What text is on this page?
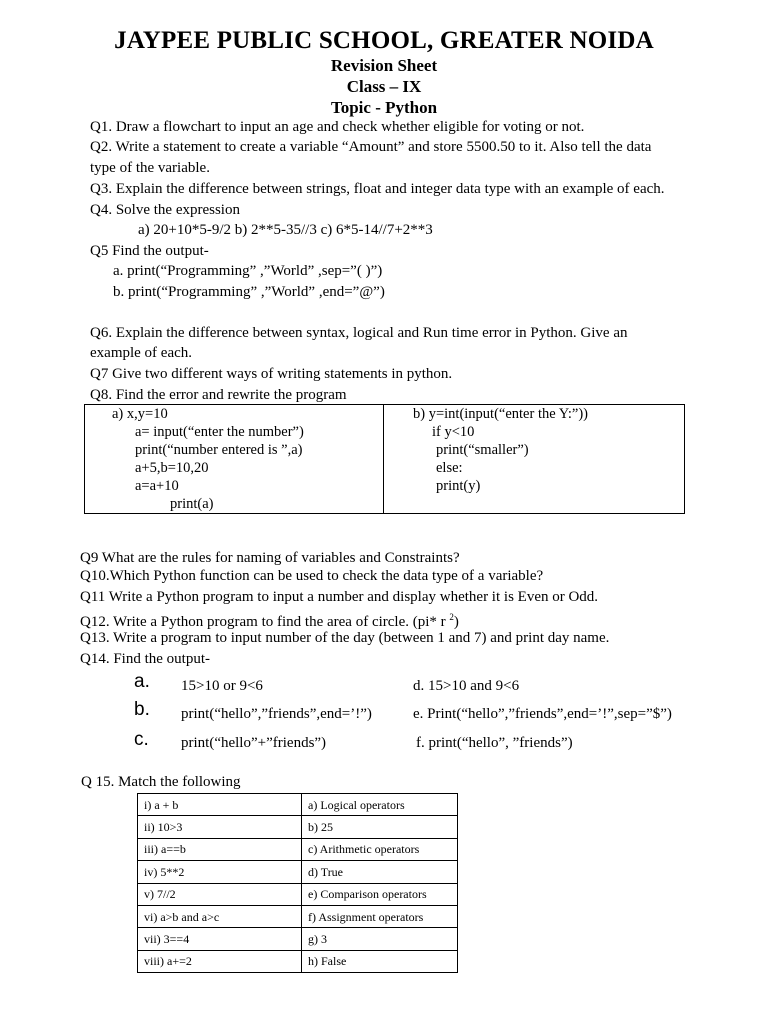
JAYPEE PUBLIC SCHOOL, GREATER NOIDA
Revision Sheet
Class – IX
Topic - Python
Q1. Draw a flowchart to input an age and check whether eligible for voting or not.
Q2. Write a statement to create a variable “Amount” and store 5500.50 to it. Also tell the data
type of the variable.
Q3. Explain the difference between strings, float and integer data type with an example of each.
Q4. Solve the expression
a) 20+10*5-9/2 b) 2**5-35//3 c) 6*5-14//7+2**3
Q5 Find the output-
a. print(“Programming” ,”World” ,sep=”( )”)
b. print(“Programming” ,”World” ,end=”@”)
Q6. Explain the difference between syntax, logical and Run time error in Python. Give an
example of each.
Q7 Give two different ways of writing statements in python.
Q8. Find the error and rewrite the program
a) x,y=10
a= input(“enter the number”)
print(“number entered is ”,a)
a+5,b=10,20
a=a+10
print(a)
b) y=int(input(“enter the Y:”))
if y<10
print(“smaller”)
else:
print(y)
Q9 What are the rules for naming of variables and Constraints?
Q10.Which Python function can be used to check the data type of a variable?
Q11 Write a Python program to input a number and display whether it is Even or Odd.
Q12. Write a Python program to find the area of circle. (pi* r $^2$)
Q13. Write a program to input number of the day (between 1 and 7) and print day name.
Q14. Find the output-
a. 15>10 or 9<6	d. 15>10 and 9<6
b. print(“hello”,”friends”,end=’!”)	e. Print(“hello”,”friends”,end=’!”,sep=”$”)
c. print(“hello”+”friends”)	f. print(“hello”, ”friends”)
Q 15. Match the following
i) a + b	a) Logical operators
ii) 10>3	b) 25
iii) a==b	c) Arithmetic operators
iv) 5**2	d) True
v) 7//2	e) Comparison operators
vi) a>b and a>c	f) Assignment operators
vii) 3==4	g) 3
viii) a+=2	h) False
